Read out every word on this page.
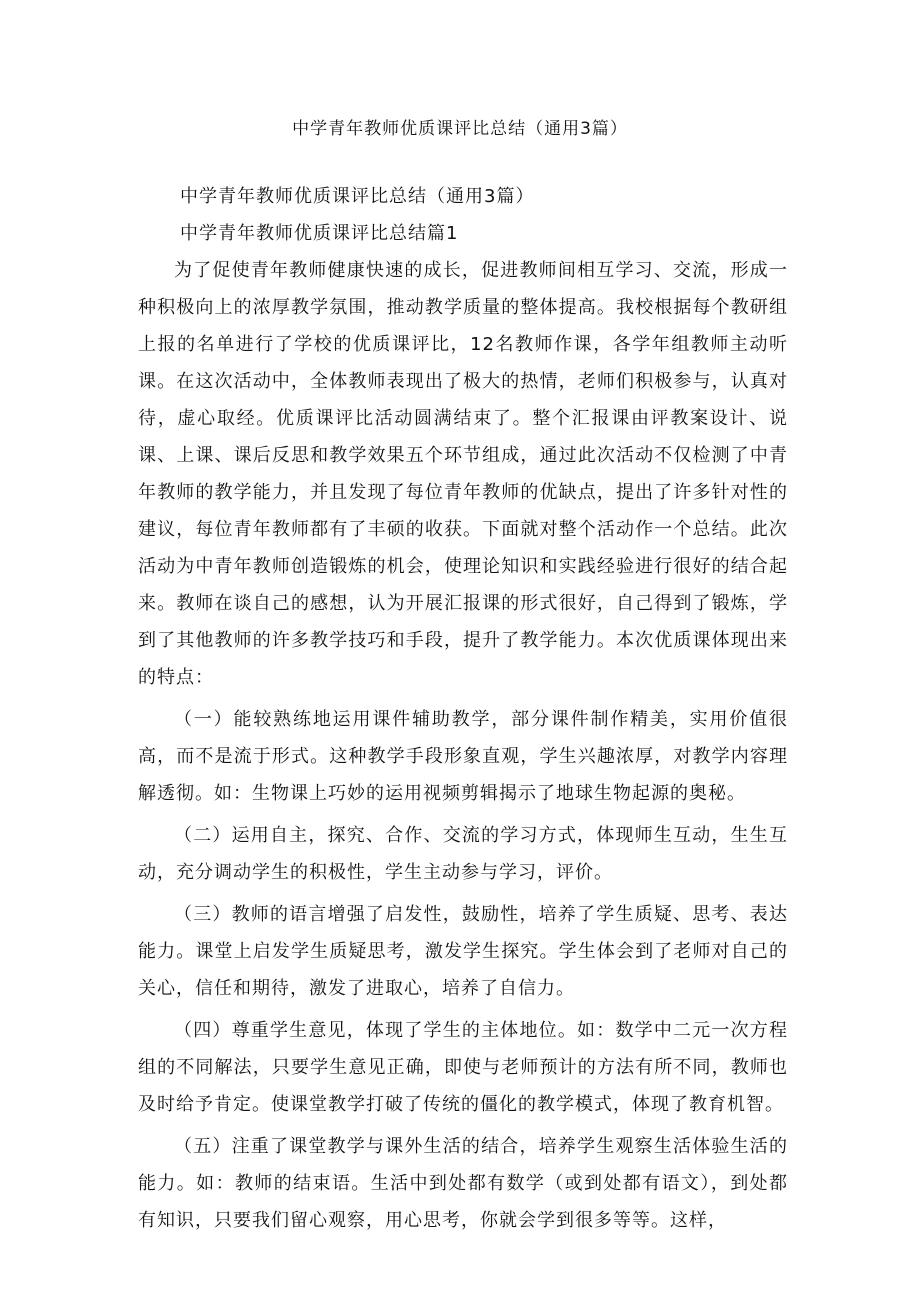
中学青年教师优质课评比总结（通用3篇）

中学青年教师优质课评比总结（通用3篇）

中学青年教师优质课评比总结篇1

为了促使青年教师健康快速的成长，促进教师间相互学习、交流，形成一种积极向上的浓厚教学氛围，推动教学质量的整体提高。我校根据每个教研组上报的名单进行了学校的优质课评比，12名教师作课，各学年组教师主动听课。在这次活动中，全体教师表现出了极大的热情，老师们积极参与，认真对待，虚心取经。优质课评比活动圆满结束了。整个汇报课由评教案设计、说课、上课、课后反思和教学效果五个环节组成，通过此次活动不仅检测了中青年教师的教学能力，并且发现了每位青年教师的优缺点，提出了许多针对性的建议，每位青年教师都有了丰硕的收获。下面就对整个活动作一个总结。此次活动为中青年教师创造锻炼的机会，使理论知识和实践经验进行很好的结合起来。教师在谈自己的感想，认为开展汇报课的形式很好，自己得到了锻炼，学到了其他教师的许多教学技巧和手段，提升了教学能力。本次优质课体现出来的特点：

（一）能较熟练地运用课件辅助教学，部分课件制作精美，实用价值很高，而不是流于形式。这种教学手段形象直观，学生兴趣浓厚，对教学内容理解透彻。如：生物课上巧妙的运用视频剪辑揭示了地球生物起源的奥秘。

（二）运用自主，探究、合作、交流的学习方式，体现师生互动，生生互动，充分调动学生的积极性，学生主动参与学习，评价。

（三）教师的语言增强了启发性，鼓励性，培养了学生质疑、思考、表达能力。课堂上启发学生质疑思考，激发学生探究。学生体会到了老师对自己的关心，信任和期待，激发了进取心，培养了自信力。

（四）尊重学生意见，体现了学生的主体地位。如：数学中二元一次方程组的不同解法，只要学生意见正确，即使与老师预计的方法有所不同，教师也及时给予肯定。使课堂教学打破了传统的僵化的教学模式，体现了教育机智。

（五）注重了课堂教学与课外生活的结合，培养学生观察生活体验生活的能力。如：教师的结束语。生活中到处都有数学（或到处都有语文），到处都有知识，只要我们留心观察，用心思考，你就会学到很多等等。这样，
